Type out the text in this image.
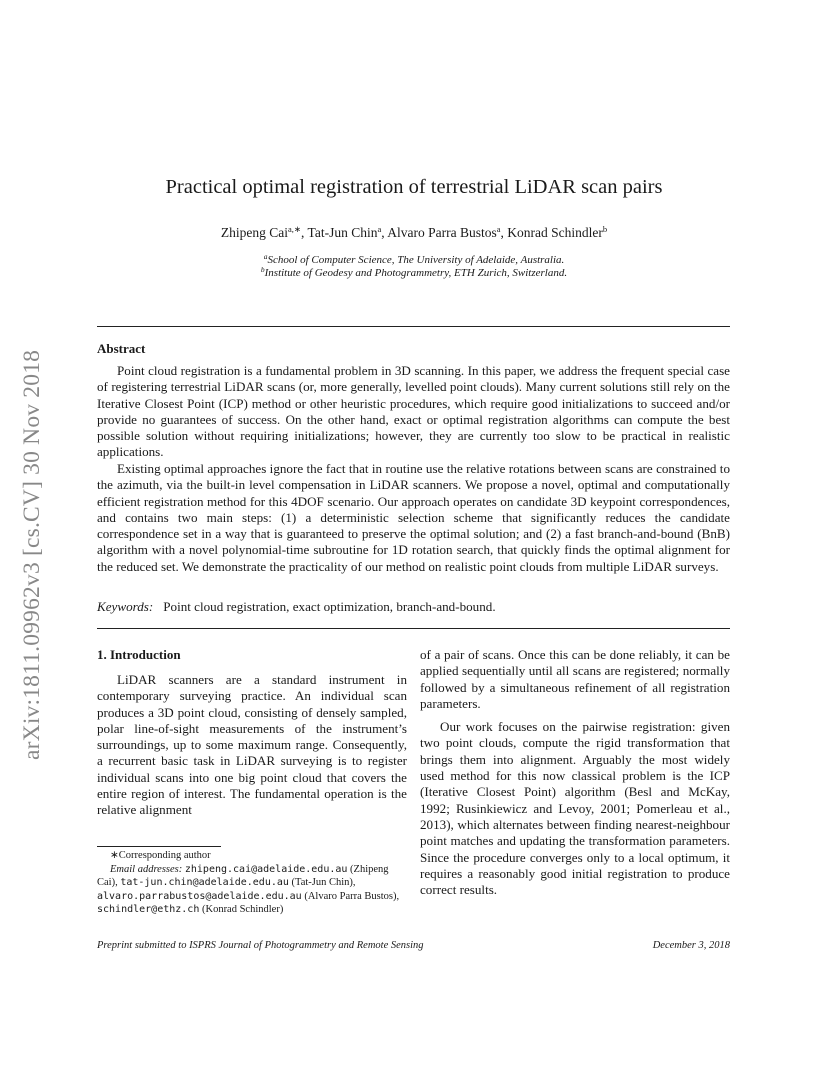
arXiv:1811.09962v3 [cs.CV] 30 Nov 2018
Practical optimal registration of terrestrial LiDAR scan pairs
Zhipeng Cai$^{a,∗}$, Tat-Jun Chin$^a$, Alvaro Parra Bustos$^a$, Konrad Schindler$^b$
$^a$School of Computer Science, The University of Adelaide, Australia.
$^b$Institute of Geodesy and Photogrammetry, ETH Zurich, Switzerland.
Abstract

Point cloud registration is a fundamental problem in 3D scanning. In this paper, we address the frequent special case of registering terrestrial LiDAR scans (or, more generally, levelled point clouds). Many current solutions still rely on the Iterative Closest Point (ICP) method or other heuristic procedures, which require good initializations to succeed and/or provide no guarantees of success. On the other hand, exact or optimal registration algorithms can compute the best possible solution without requiring initializations; however, they are currently too slow to be practical in realistic applications.

Existing optimal approaches ignore the fact that in routine use the relative rotations between scans are constrained to the azimuth, via the built-in level compensation in LiDAR scanners. We propose a novel, optimal and computationally efficient registration method for this 4DOF scenario. Our approach operates on candidate 3D keypoint correspondences, and contains two main steps: (1) a deterministic selection scheme that significantly reduces the candidate correspondence set in a way that is guaranteed to preserve the optimal solution; and (2) a fast branch-and-bound (BnB) algorithm with a novel polynomial-time subroutine for 1D rotation search, that quickly finds the optimal alignment for the reduced set. We demonstrate the practicality of our method on realistic point clouds from multiple LiDAR surveys.

Keywords: Point cloud registration, exact optimization, branch-and-bound.
1. Introduction

LiDAR scanners are a standard instrument in contemporary surveying practice. An individual scan produces a 3D point cloud, consisting of densely sampled, polar line-of-sight measurements of the instrument’s surroundings, up to some maximum range. Consequently, a recurrent basic task in LiDAR surveying is to register individual scans into one big point cloud that covers the entire region of interest. The fundamental operation is the relative alignment

of a pair of scans. Once this can be done reliably, it can be applied sequentially until all scans are registered; normally followed by a simultaneous refinement of all registration parameters.

Our work focuses on the pairwise registration: given two point clouds, compute the rigid transformation that brings them into alignment. Arguably the most widely used method for this now classical problem is the ICP (Iterative Closest Point) algorithm (Besl and McKay, 1992; Rusinkiewicz and Levoy, 2001; Pomerleau et al., 2013), which alternates between finding nearest-neighbour point matches and updating the transformation parameters. Since the procedure converges only to a local optimum, it requires a reasonably good initial registration to produce correct results.

∗Corresponding author
Email addresses: zhipeng.cai@adelaide.edu.au (Zhipeng Cai), tat-jun.chin@adelaide.edu.au (Tat-Jun Chin), alvaro.parrabustos@adelaide.edu.au (Alvaro Parra Bustos), schindler@ethz.ch (Konrad Schindler)
Preprint submitted to ISPRS Journal of Photogrammetry and Remote Sensing	December 3, 2018
